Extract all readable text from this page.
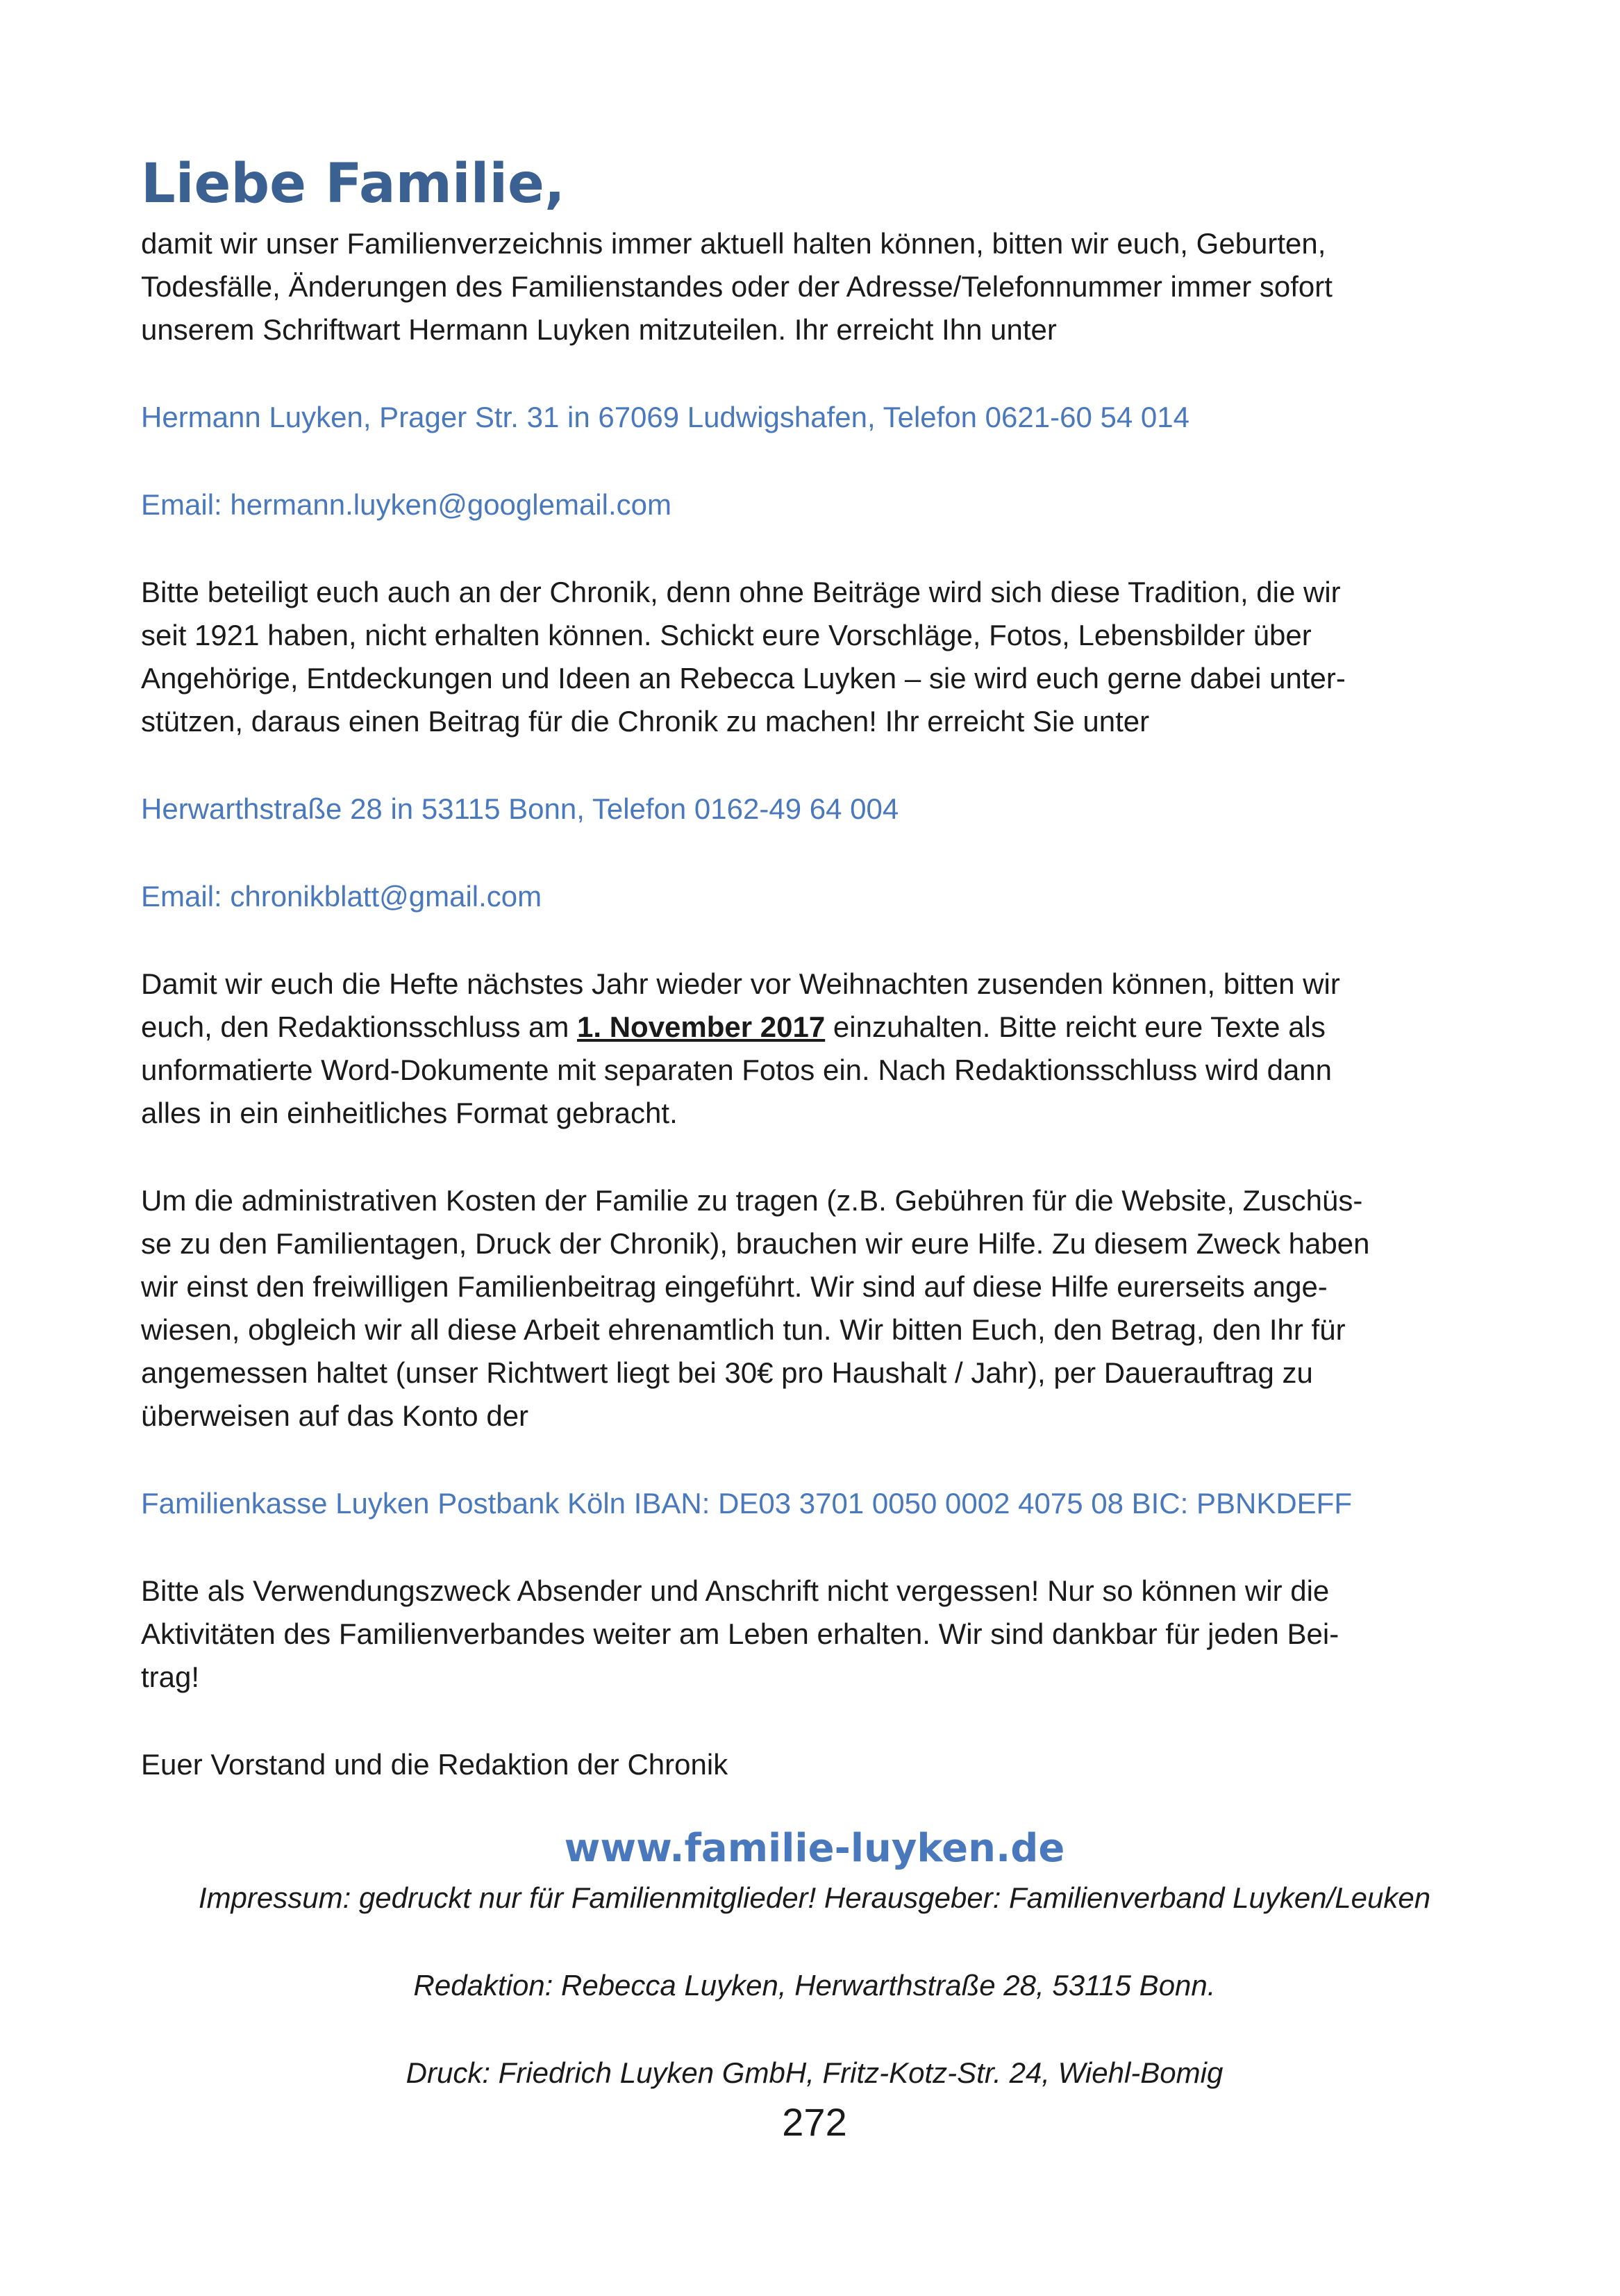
Liebe Familie,

damit wir unser Familienverzeichnis immer aktuell halten können, bitten wir euch, Geburten,

Todesfälle, Änderungen des Familienstandes oder der Adresse/Telefonnummer immer sofort

unserem Schriftwart Hermann Luyken mitzuteilen. Ihr erreicht Ihn unter

Hermann Luyken, Prager Str. 31 in 67069 Ludwigshafen, Telefon 0621-60 54 014

Email: hermann.luyken@googlemail.com

Bitte beteiligt euch auch an der Chronik, denn ohne Beiträge wird sich diese Tradition, die wir

seit 1921 haben, nicht erhalten können. Schickt eure Vorschläge, Fotos, Lebensbilder über

Angehörige, Entdeckungen und Ideen an Rebecca Luyken – sie wird euch gerne dabei unter-

stützen, daraus einen Beitrag für die Chronik zu machen! Ihr erreicht Sie unter

Herwarthstraße 28 in 53115 Bonn, Telefon 0162-49 64 004

Email: chronikblatt@gmail.com

Damit wir euch die Hefte nächstes Jahr wieder vor Weihnachten zusenden können, bitten wir

euch, den Redaktionsschluss am 1. November 2017 einzuhalten. Bitte reicht eure Texte als

unformatierte Word-Dokumente mit separaten Fotos ein. Nach Redaktionsschluss wird dann

alles in ein einheitliches Format gebracht.

Um die administrativen Kosten der Familie zu tragen (z.B. Gebühren für die Website, Zuschüs-

se zu den Familientagen, Druck der Chronik), brauchen wir eure Hilfe. Zu diesem Zweck haben

wir einst den freiwilligen Familienbeitrag eingeführt. Wir sind auf diese Hilfe eurerseits ange-

wiesen, obgleich wir all diese Arbeit ehrenamtlich tun. Wir bitten Euch, den Betrag, den Ihr für

angemessen haltet (unser Richtwert liegt bei 30€ pro Haushalt / Jahr), per Dauerauftrag zu

überweisen auf das Konto der

Familienkasse Luyken Postbank Köln IBAN: DE03 3701 0050 0002 4075 08 BIC: PBNKDEFF

Bitte als Verwendungszweck Absender und Anschrift nicht vergessen! Nur so können wir die

Aktivitäten des Familienverbandes weiter am Leben erhalten. Wir sind dankbar für jeden Bei-

trag!

Euer Vorstand und die Redaktion der Chronik

www.familie-luyken.de

Impressum: gedruckt nur für Familienmitglieder! Herausgeber: Familienverband Luyken/Leuken

Redaktion: Rebecca Luyken, Herwarthstraße 28, 53115 Bonn.

Druck: Friedrich Luyken GmbH, Fritz-Kotz-Str. 24, Wiehl-Bomig

272
